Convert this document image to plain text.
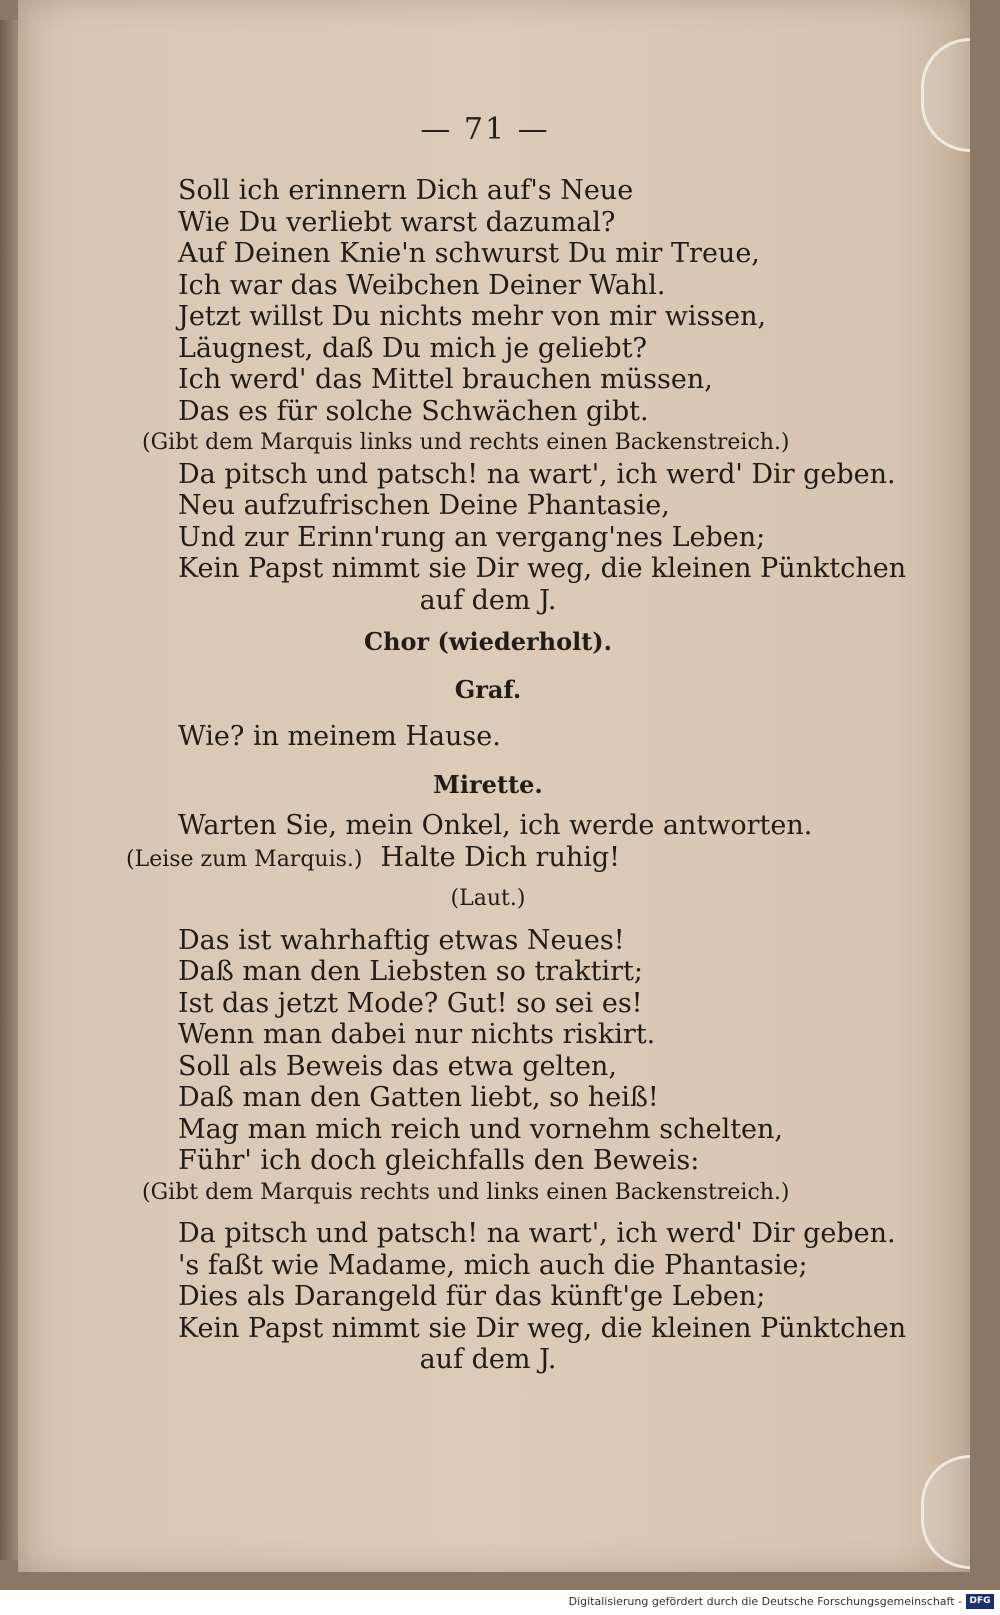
— 71 —
Soll ich erinnern Dich auf's Neue
Wie Du verliebt warst dazumal?
Auf Deinen Knie'n schwurst Du mir Treue,
Ich war das Weibchen Deiner Wahl.
Jetzt willst Du nichts mehr von mir wissen,
Läugnest, daß Du mich je geliebt?
Ich werd' das Mittel brauchen müssen,
Das es für solche Schwächen gibt.
(Gibt dem Marquis links und rechts einen Backenstreich.)
Da pitsch und patsch! na wart', ich werd' Dir geben.
Neu aufzufrischen Deine Phantasie,
Und zur Erinn'rung an vergang'nes Leben;
Kein Papst nimmt sie Dir weg, die kleinen Pünktchen
auf dem J.
Chor (wiederholt).
Graf.
Wie? in meinem Hause.
Mirette.
Warten Sie, mein Onkel, ich werde antworten.
(Leise zum Marquis.) Halte Dich ruhig!
(Laut.)
Das ist wahrhaftig etwas Neues!
Daß man den Liebsten so traktirt;
Ist das jetzt Mode? Gut! so sei es!
Wenn man dabei nur nichts riskirt.
Soll als Beweis das etwa gelten,
Daß man den Gatten liebt, so heiß!
Mag man mich reich und vornehm schelten,
Führ' ich doch gleichfalls den Beweis:
(Gibt dem Marquis rechts und links einen Backenstreich.)
Da pitsch und patsch! na wart', ich werd' Dir geben.
's faßt wie Madame, mich auch die Phantasie;
Dies als Darangeld für das künft'ge Leben;
Kein Papst nimmt sie Dir weg, die kleinen Pünktchen
auf dem J.
Digitalisierung gefördert durch die Deutsche Forschungsgemeinschaft - DFG
